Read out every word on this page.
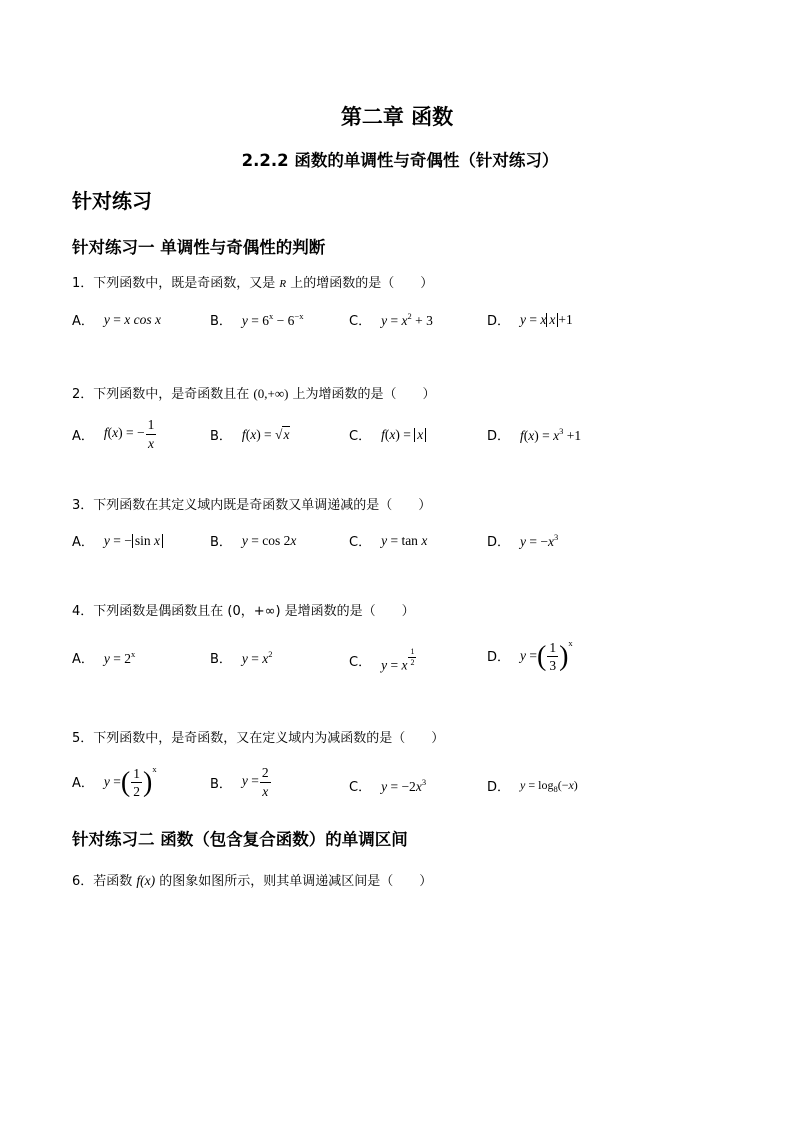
第二章 函数
2.2.2 函数的单调性与奇偶性（针对练习）
针对练习
针对练习一 单调性与奇偶性的判断
1．下列函数中，既是奇函数，又是 R 上的增函数的是（　　）
A． y = x cos x	B． $y = 6^x - 6^{-x}$	C． $y = x^2 + 3$	D． y = x x +1
2．下列函数中，是奇函数且在 (0,+∞) 上为增函数的是（　　）
A． f(x) = − $\frac{1}{x}$	B． f(x) = √x	C． f(x) = x	D． $f(x) = x^3 +1$
3．下列函数在其定义域内既是奇函数又单调递减的是（　　）
A． y = − sin x	B． y = cos 2x	C． y = tan x	D． $y = -x^3$
4．下列函数是偶函数且在 (0，+∞) 是增函数的是（　　）
A． $y = 2^x$	B． $y = x^2$
C． y = x $^{\frac{1}{2}}$	D． y =( $\frac{1}{3} )^x$
5．下列函数中，是奇函数，又在定义域内为减函数的是（　　）
A． y =( $\frac{1}{2} )^x$
B． $y = \frac{2}{x}$	C． $y = -2x^3$	D． $y = \log_8(-x)$
针对练习二 函数（包含复合函数）的单调区间
6．若函数 f(x) 的图象如图所示，则其单调递减区间是（　　）
